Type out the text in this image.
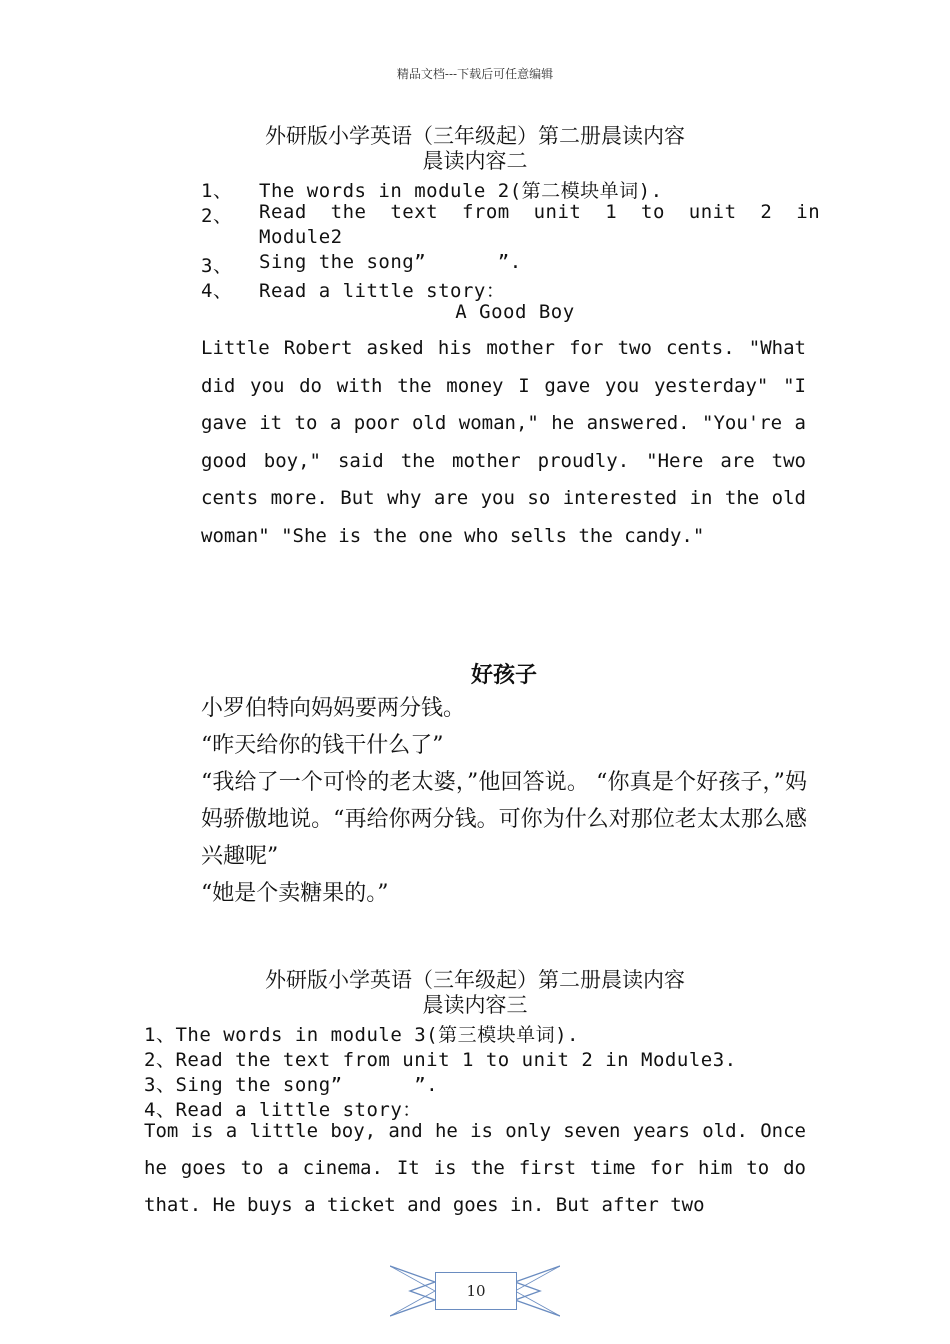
精品文档---下载后可任意编辑
外研版小学英语（三年级起）第二册晨读内容
晨读内容二
1、 The words in module 2(第二模块单词).
2、 Read  the  text  from  unit  1  to  unit  2  in
Module2
3、 Sing the song”      ”.
4、 Read a little story：
A Good Boy
Little Robert asked his mother for two cents. "What did you do with the money I gave you yesterday" "I gave it to a poor old woman," he answered. "You're a good boy," said the mother proudly. "Here are two cents more. But why are you so interested in the old woman" "She is the one who sells the candy."
好孩子

小罗伯特向妈妈要两分钱。

“昨天给你的钱干什么了”

“我给了一个可怜的老太婆，”他回答说。 “你真是个好孩子，”妈妈骄傲地说。“再给你两分钱。可你为什么对那位老太太那么感兴趣呢”

“她是个卖糖果的。”

外研版小学英语（三年级起）第二册晨读内容
晨读内容三
1、The words in module 3(第三模块单词).
2、Read the text from unit 1 to unit 2 in Module3.
3、Sing the song”      ”.
4、Read a little story：
Tom is a little boy, and he is only seven years old. Once he goes to a cinema. It is the first time for him to do that. He buys a ticket and goes in. But after two
10
